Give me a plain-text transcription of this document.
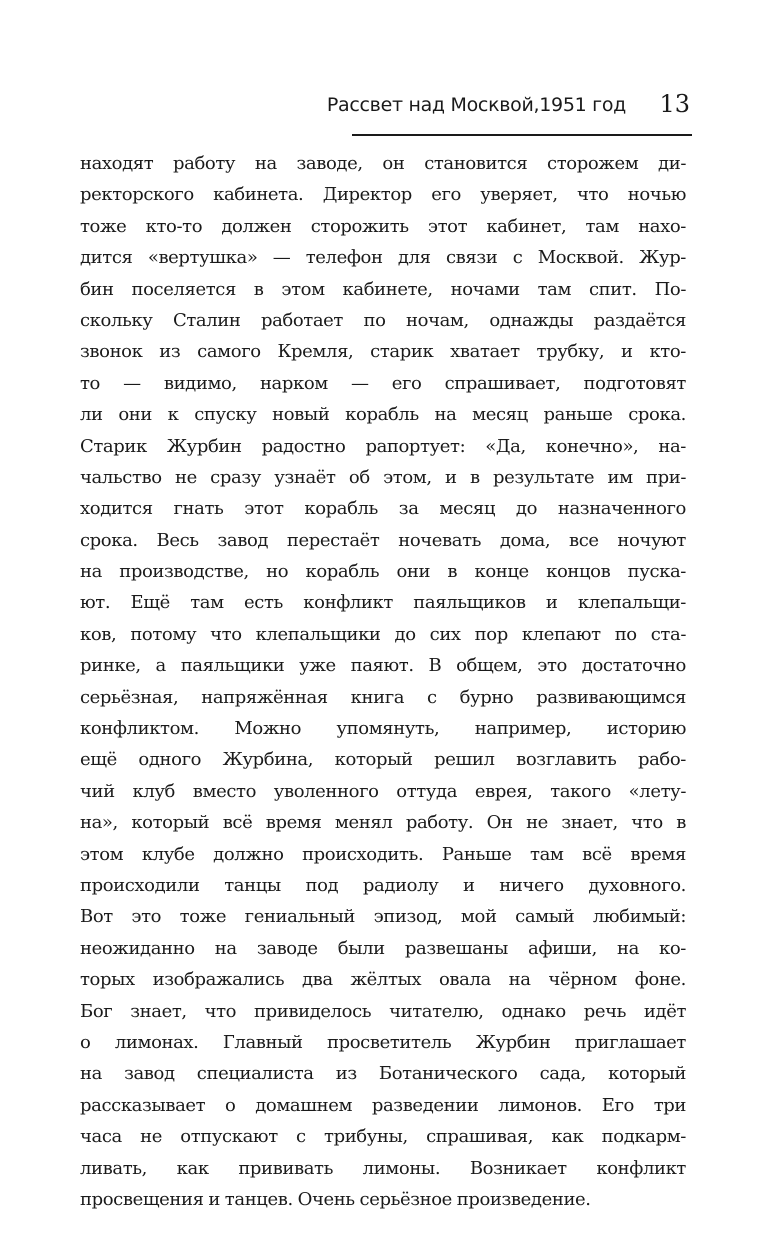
Рассвет над Москвой,1951 год 13
находят работу на заводе, он становится сторожем ди-
ректорского кабинета. Директор его уверяет, что ночью
тоже кто-то должен сторожить этот кабинет, там нахо-
дится «вертушка» — телефон для связи с Москвой. Жур-
бин поселяется в этом кабинете, ночами там спит. По-
скольку Сталин работает по ночам, однажды раздаётся
звонок из самого Кремля, старик хватает трубку, и кто-
то — видимо, нарком — его спрашивает, подготовят
ли они к спуску новый корабль на месяц раньше срока.
Старик Журбин радостно рапортует: «Да, конечно», на-
чальство не сразу узнаёт об этом, и в результате им при-
ходится гнать этот корабль за месяц до назначенного
срока. Весь завод перестаёт ночевать дома, все ночуют
на производстве, но корабль они в конце концов пуска-
ют. Ещё там есть конфликт паяльщиков и клепальщи-
ков, потому что клепальщики до сих пор клепают по ста-
ринке, а паяльщики уже паяют. В общем, это достаточно
серьёзная, напряжённая книга с бурно развивающимся
конфликтом. Можно упомянуть, например, историю
ещё одного Журбина, который решил возглавить рабо-
чий клуб вместо уволенного оттуда еврея, такого «лету-
на», который всё время менял работу. Он не знает, что в
этом клубе должно происходить. Раньше там всё время
происходили танцы под радиолу и ничего духовного.
Вот это тоже гениальный эпизод, мой самый любимый:
неожиданно на заводе были развешаны афиши, на ко-
торых изображались два жёлтых овала на чёрном фоне.
Бог знает, что привиделось читателю, однако речь идёт
о лимонах. Главный просветитель Журбин приглашает
на завод специалиста из Ботанического сада, который
рассказывает о домашнем разведении лимонов. Его три
часа не отпускают с трибуны, спрашивая, как подкарм-
ливать, как прививать лимоны. Возникает конфликт
просвещения и танцев. Очень серьёзное произведение.
